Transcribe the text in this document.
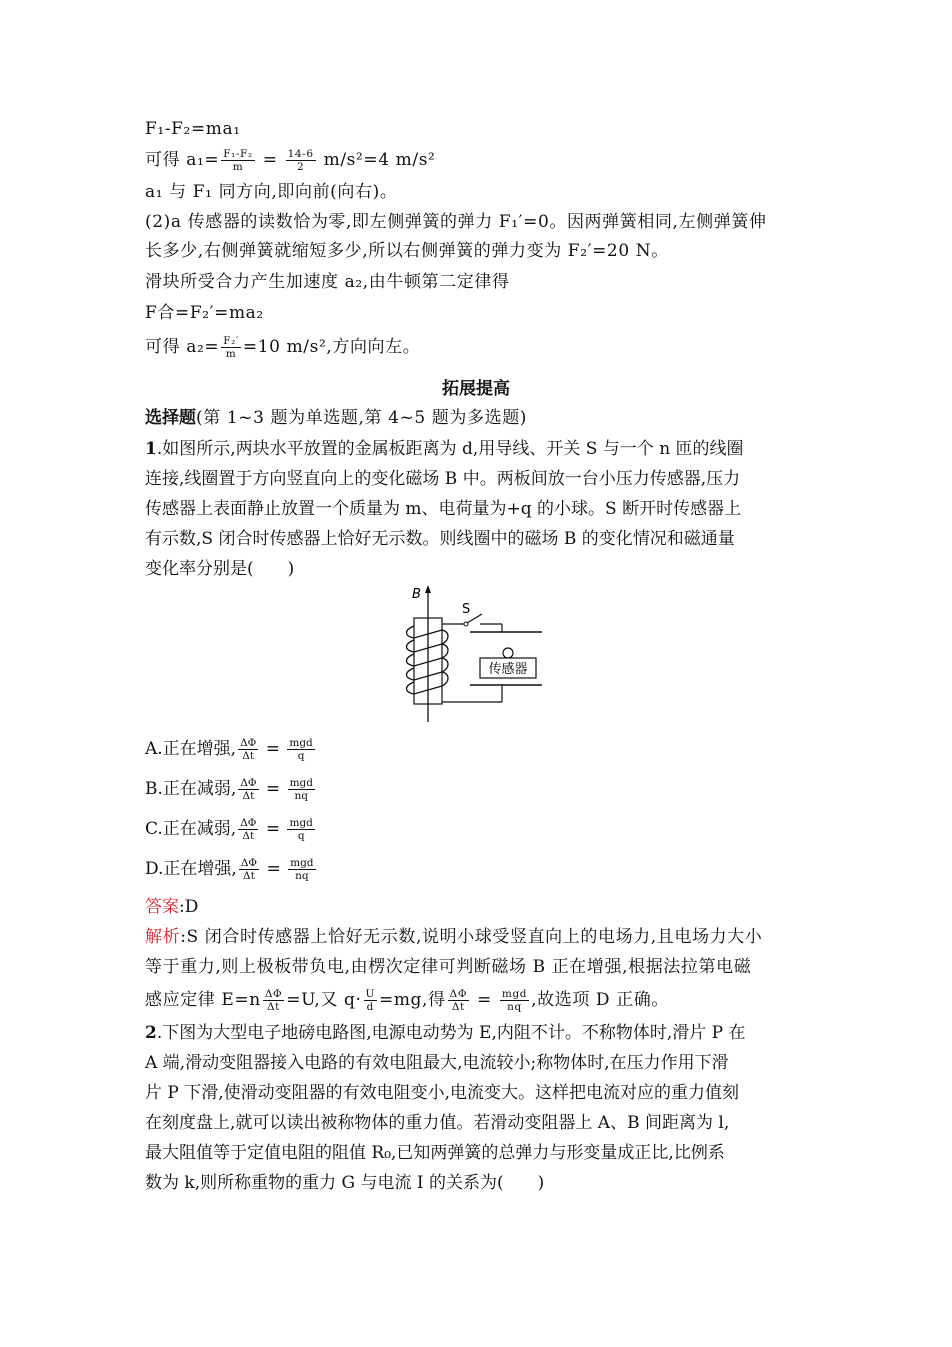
F₁-F₂=ma₁
可得 $a_1= \frac{\text{F₁-F₂}}{m} = \frac{14-6}{2} m/s^2=4$ m/s²
a₁ 与 F₁ 同方向,即向前(向右)。
(2)a 传感器的读数恰为零,即左侧弹簧的弹力 F₁′=0。因两弹簧相同,左侧弹簧伸
长多少,右侧弹簧就缩短多少,所以右侧弹簧的弹力变为 F₂′=20 N。
滑块所受合力产生加速度 a₂,由牛顿第二定律得
F合=F₂′=ma₂
可得 $a_2= \frac{\text{F₂′}}{m} =10$ m/s²,方向向左。
拓展提高
选择题(第 1~3 题为单选题,第 4~5 题为多选题)
1.如图所示,两块水平放置的金属板距离为 d,用导线、开关 S 与一个 n 匝的线圈
连接,线圈置于方向竖直向上的变化磁场 B 中。两板间放一台小压力传感器,压力
传感器上表面静止放置一个质量为 m、电荷量为+q 的小球。S 断开时传感器上
有示数,S 闭合时传感器上恰好无示数。则线圈中的磁场 B 的变化情况和磁通量
变化率分别是(　　)
B
S
传感器
A.正在增强, $\frac{\Delta\Phi}{\Delta t} = \frac{\text{mgd}}{q}$
B.正在减弱, $\frac{\Delta\Phi}{\Delta t} = \frac{\text{mgd}}{nq}$
C.正在减弱, $\frac{\Delta\Phi}{\Delta t} = \frac{\text{mgd}}{q}$
D.正在增强, $\frac{\Delta\Phi}{\Delta t} = \frac{\text{mgd}}{nq}$
答案:D
解析:S 闭合时传感器上恰好无示数,说明小球受竖直向上的电场力,且电场力大小
等于重力,则上极板带负电,由楞次定律可判断磁场 B 正在增强,根据法拉第电磁
感应定律 $E=n \frac{\Delta\Phi}{\Delta t} =U$,又 $q\cdot \frac{U}{d} =mg$,得 $\frac{\Delta\Phi}{\Delta t} = \frac{\text{mgd}}{nq}$ ,故选项 D 正确。
2.下图为大型电子地磅电路图,电源电动势为 E,内阻不计。不称物体时,滑片 P 在
A 端,滑动变阻器接入电路的有效电阻最大,电流较小;称物体时,在压力作用下滑
片 P 下滑,使滑动变阻器的有效电阻变小,电流变大。这样把电流对应的重力值刻
在刻度盘上,就可以读出被称物体的重力值。若滑动变阻器上 A、B 间距离为 l,
最大阻值等于定值电阻的阻值 R₀,已知两弹簧的总弹力与形变量成正比,比例系
数为 k,则所称重物的重力 G 与电流 I 的关系为(　　)
